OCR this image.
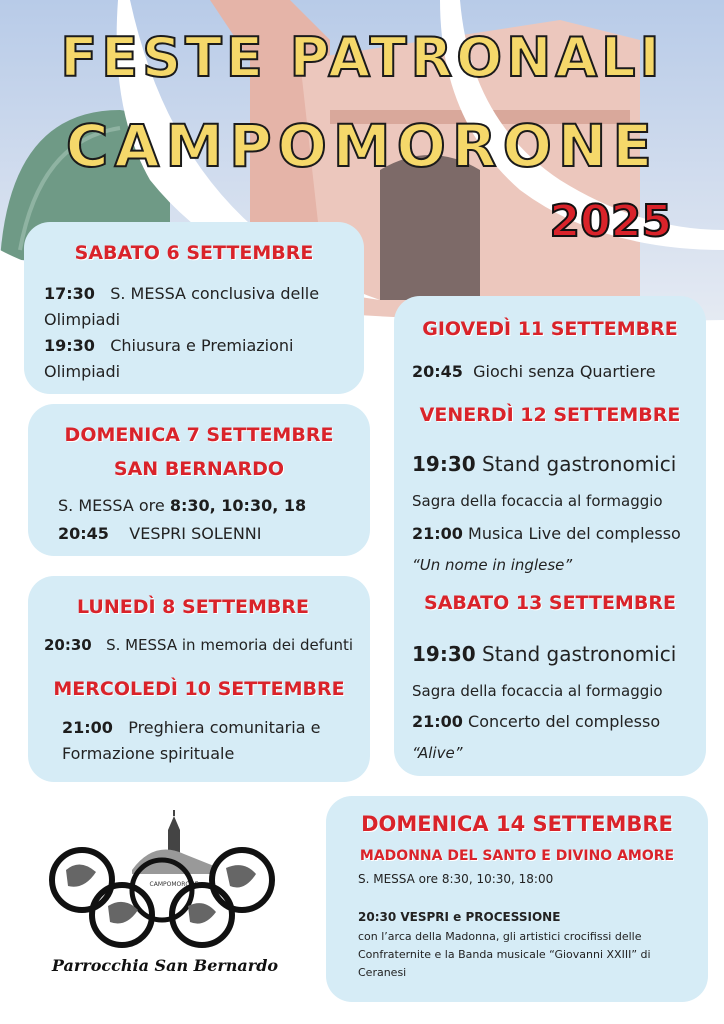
FESTE PATRONALI
CAMPOMORONE
2025
SABATO 6 SETTEMBRE
17:30 S. MESSA conclusiva delle
Olimpiadi
19:30 Chiusura e Premiazioni
Olimpiadi
DOMENICA 7 SETTEMBRE
SAN BERNARDO
S. MESSA ore 8:30, 10:30, 18
20:45 VESPRI SOLENNI
LUNEDÌ 8 SETTEMBRE
20:30 S. MESSA in memoria dei defunti
MERCOLEDÌ 10 SETTEMBRE
21:00 Preghiera comunitaria e
Formazione spirituale
GIOVEDÌ 11 SETTEMBRE
20:45 Giochi senza Quartiere
VENERDÌ 12 SETTEMBRE
19:30 Stand gastronomici
Sagra della focaccia al formaggio
21:00 Musica Live del complesso
“Un nome in inglese”
SABATO 13 SETTEMBRE
19:30 Stand gastronomici
Sagra della focaccia al formaggio
21:00 Concerto del complesso
“Alive”
DOMENICA 14 SETTEMBRE
MADONNA DEL SANTO E DIVINO AMORE
S. MESSA ore 8:30, 10:30, 18:00
20:30 VESPRI e PROCESSIONE
con l’arca della Madonna, gli artistici crocifissi delle
Confraternite e la Banda musicale “Giovanni XXIII” di
Ceranesi
CAMPOMORONE
Parrocchia San Bernardo
